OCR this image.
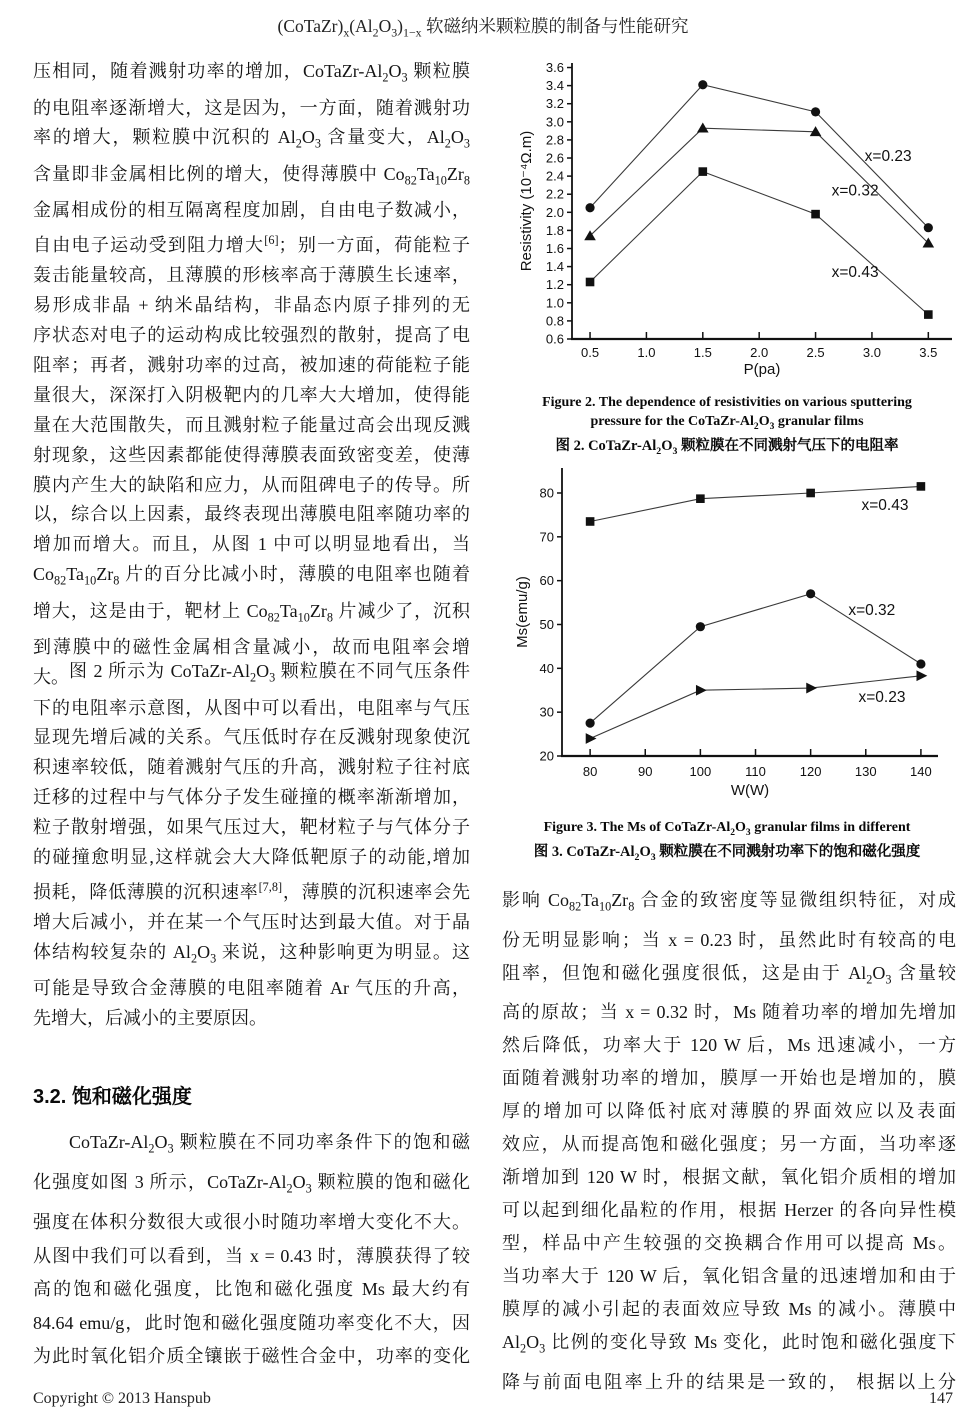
$(CoTaZr)_x(Al_2O_3)_{1-x}$ 软磁纳米颗粒膜的制备与性能研究
压相同，随着溅射功率的增加，CoTaZr-$Al_2O_3$ 颗粒膜
的电阻率逐渐增大，这是因为，一方面，随着溅射功
率的增大，颗粒膜中沉积的 $Al_2O_3$ 含量变大，$Al_2O_3$
含量即非金属相比例的增大，使得薄膜中 $Co_{82}Ta_{10}Zr_8$
金属相成份的相互隔离程度加剧，自由电子数减小，
自由电子运动受到阻力增大[6]；别一方面，荷能粒子
轰击能量较高，且薄膜的形核率高于薄膜生长速率，
易形成非晶 + 纳米晶结构，非晶态内原子排列的无
序状态对电子的运动构成比较强烈的散射，提高了电
阻率；再者，溅射功率的过高，被加速的荷能粒子能
量很大，深深打入阴极靶内的几率大大增加，使得能
量在大范围散失，而且溅射粒子能量过高会出现反溅
射现象，这些因素都能使得薄膜表面致密变差，使薄
膜内产生大的缺陷和应力，从而阻碑电子的传导。所
以，综合以上因素，最终表现出薄膜电阻率随功率的
增加而增大。而且，从图 1 中可以明显地看出，当
$Co_{82}Ta_{10}Zr_8$ 片的百分比减小时，薄膜的电阻率也随着
增大，这是由于，靶材上 $Co_{82}Ta_{10}Zr_8$ 片减少了，沉积
到薄膜中的磁性金属相含量减小，故而电阻率会增
大。 图 2 所示为 CoTaZr-$Al_2O_3$ 颗粒膜在不同气压条件
下的电阻率示意图，从图中可以看出，电阻率与气压
显现先增后减的关系。气压低时存在反溅射现象使沉
积速率较低，随着溅射气压的升高，溅射粒子往衬底
迁移的过程中与气体分子发生碰撞的概率渐渐增加，
粒子散射增强，如果气压过大，靶材粒子与气体分子
的碰撞愈明显,这样就会大大降低靶原子的动能,增加
损耗，降低薄膜的沉积速率[7,8]，薄膜的沉积速率会先
增大后减小，并在某一个气压时达到最大值。对于晶
体结构较复杂的 $Al_2O_3$ 来说，这种影响更为明显。这
可能是导致合金薄膜的电阻率随着 Ar 气压的升高，
先增大，后减小的主要原因。
3.2. 饱和磁化强度
CoTaZr-$Al_2O_3$ 颗粒膜在不同功率条件下的饱和磁
化强度如图 3 所示，CoTaZr-$Al_2O_3$ 颗粒膜的饱和磁化
强度在体积分数很大或很小时随功率增大变化不大。
从图中我们可以看到，当 x = 0.43 时，薄膜获得了较
高的饱和磁化强度，比饱和磁化强度 Ms 最大约有
84.64 emu/g，此时饱和磁化强度随功率变化不大，因
为此时氧化铝介质全镶嵌于磁性合金中，功率的变化
0.6
0.8
1.0
1.2
1.4
1.6
1.8
2.0
2.2
2.4
2.6
2.8
3.0
3.2
3.4
3.6
0.5	1.0	1.5	2.0	2.5	3.0	3.5
P(pa)
Resistivity (10⁻⁴Ω.m)	x=0.23
x=0.32
x=0.43
Figure 2. The dependence of resistivities on various sputtering
pressure for the CoTaZr-$Al_2O_3$ granular films
图 2. CoTaZr-$Al_2O_3$ 颗粒膜在不同溅射气压下的电阻率
20
30
40
50
60
70
80
80	90	100	110	120	130	140
W(W)
Ms(emu/g)
x=0.43
x=0.32
x=0.23
Figure 3. The Ms of CoTaZr-$Al_2O_3$ granular films in different
图 3. CoTaZr-$Al_2O_3$ 颗粒膜在不同溅射功率下的饱和磁化强度
影响 $Co_{82}Ta_{10}Zr_8$ 合金的致密度等显微组织特征，对成
份无明显影响；当 x = 0.23 时，虽然此时有较高的电
阻率，但饱和磁化强度很低，这是由于 $Al_2O_3$ 含量较
高的原故；当 x = 0.32 时，Ms 随着功率的增加先增加
然后降低，功率大于 120 W 后，Ms 迅速减小，一方
面随着溅射功率的增加，膜厚一开始也是增加的，膜
厚的增加可以降低衬底对薄膜的界面效应以及表面
效应，从而提高饱和磁化强度；另一方面，当功率逐
渐增加到 120 W 时，根据文献，氧化铝介质相的增加
可以起到细化晶粒的作用，根据 Herzer 的各向异性模
型，样品中产生较强的交换耦合作用可以提高 Ms。
当功率大于 120 W 后，氧化铝含量的迅速增加和由于
膜厚的减小引起的表面效应导致 Ms 的减小。薄膜中
$Al_2O_3$ 比例的变化导致 Ms 变化，此时饱和磁化强度下
降与前面电阻率上升的结果是一致的， 根据以上分
Copyright © 2013 Hanspub	147
